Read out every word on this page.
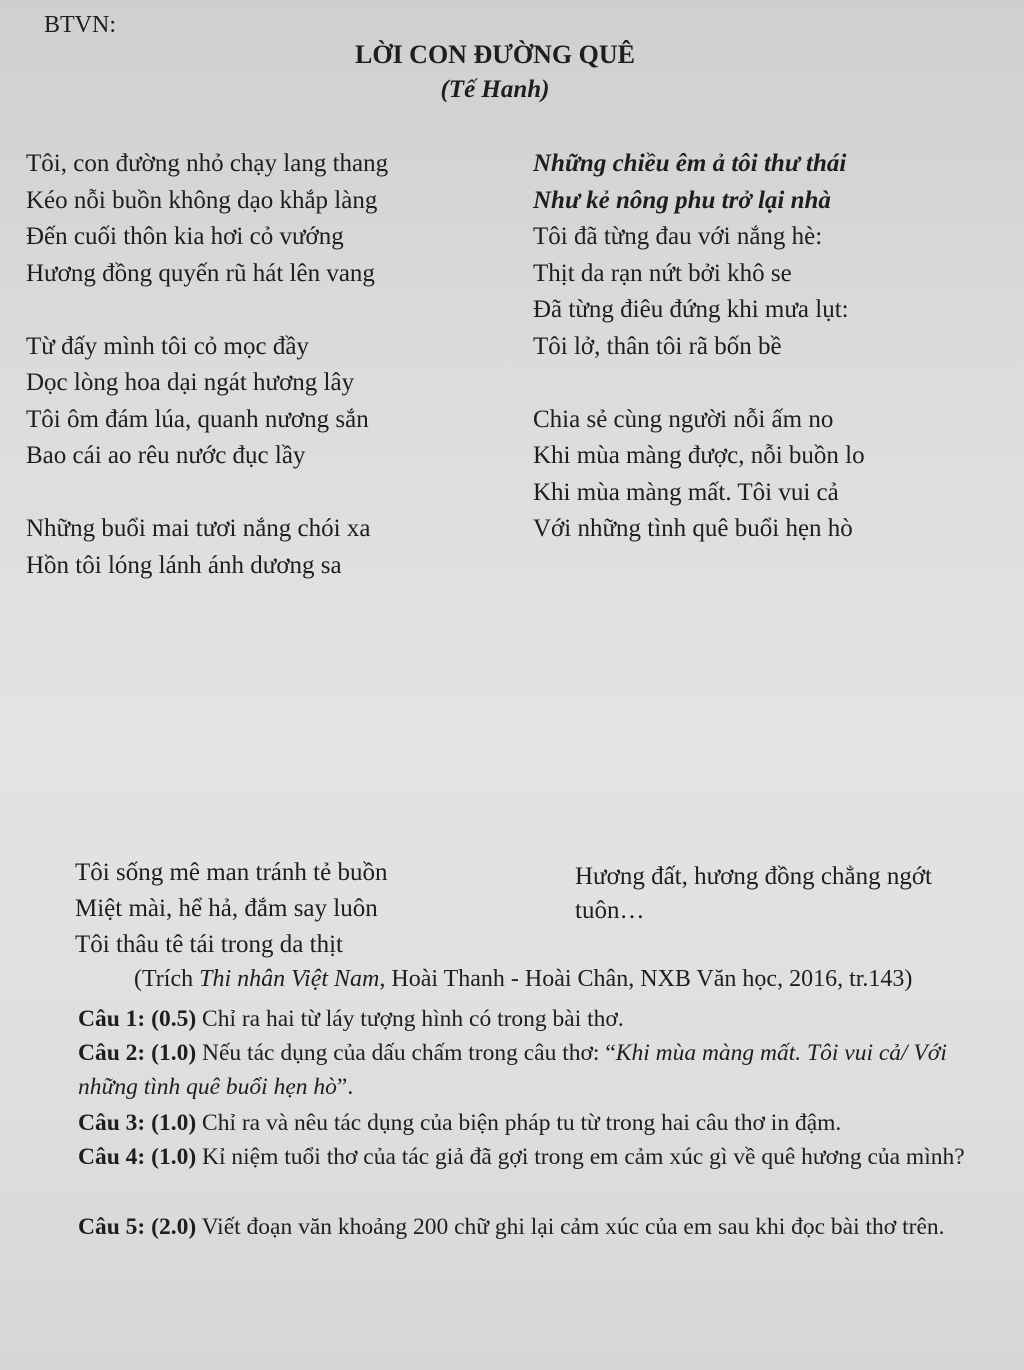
BTVN:
LỜI CON ĐƯỜNG QUÊ
(Tế Hanh)
Tôi, con đường nhỏ chạy lang thang
Kéo nỗi buồn không dạo khắp làng
Đến cuối thôn kia hơi cỏ vướng
Hương đồng quyến rũ hát lên vang
Từ đấy mình tôi cỏ mọc đầy
Dọc lòng hoa dại ngát hương lây
Tôi ôm đám lúa, quanh nương sắn
Bao cái ao rêu nước đục lầy
Những buổi mai tươi nắng chói xa
Hồn tôi lóng lánh ánh dương sa
Những chiều êm ả tôi thư thái
Như kẻ nông phu trở lại nhà
Tôi đã từng đau với nắng hè:
Thịt da rạn nứt bởi khô se
Đã từng điêu đứng khi mưa lụt:
Tôi lở, thân tôi rã bốn bề
Chia sẻ cùng người nỗi ấm no
Khi mùa màng được, nỗi buồn lo
Khi mùa màng mất. Tôi vui cả
Với những tình quê buổi hẹn hò
Tôi sống mê man tránh tẻ buồn
Miệt mài, hể hả, đắm say luôn
Tôi thâu tê tái trong da thịt
Hương đất, hương đồng chẳng ngớt tuôn…
(Trích Thi nhân Việt Nam, Hoài Thanh - Hoài Chân, NXB Văn học, 2016, tr.143)
Câu 1: (0.5) Chỉ ra hai từ láy tượng hình có trong bài thơ.
Câu 2: (1.0) Nếu tác dụng của dấu chấm trong câu thơ: “Khi mùa màng mất. Tôi vui cả/ Với những tình quê buổi hẹn hò”.
Câu 3: (1.0) Chỉ ra và nêu tác dụng của biện pháp tu từ trong hai câu thơ in đậm.
Câu 4: (1.0) Kỉ niệm tuổi thơ của tác giả đã gợi trong em cảm xúc gì về quê hương của mình?
Câu 5: (2.0) Viết đoạn văn khoảng 200 chữ ghi lại cảm xúc của em sau khi đọc bài thơ trên.
